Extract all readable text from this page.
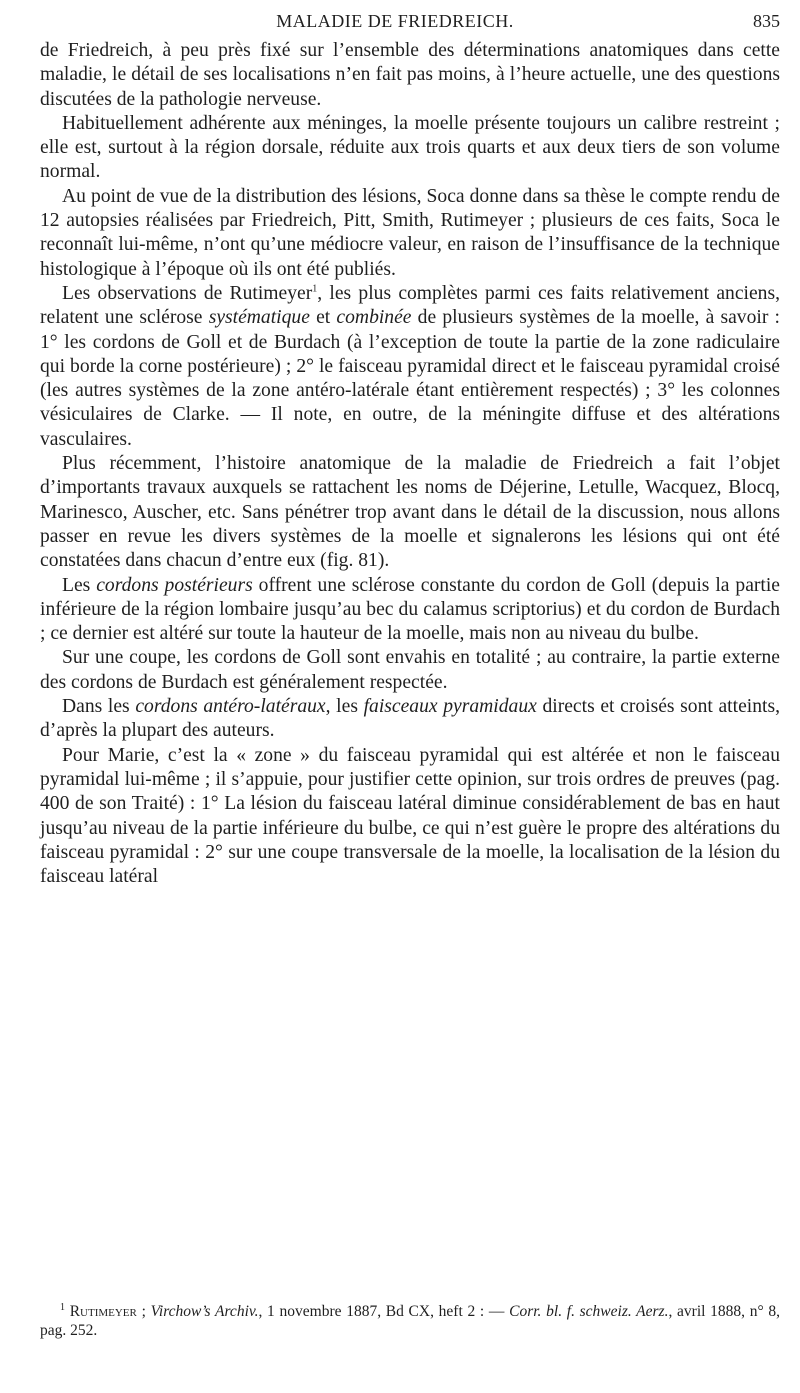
MALADIE DE FRIEDREICH.	835

de Friedreich, à peu près fixé sur l’ensemble des déterminations anatomiques dans cette maladie, le détail de ses localisations n’en fait pas moins, à l’heure actuelle, une des questions discutées de la pathologie nerveuse.

Habituellement adhérente aux méninges, la moelle présente toujours un calibre restreint ; elle est, surtout à la région dorsale, réduite aux trois quarts et aux deux tiers de son volume normal.

Au point de vue de la distribution des lésions, Soca donne dans sa thèse le compte rendu de 12 autopsies réalisées par Friedreich, Pitt, Smith, Rutimeyer ; plusieurs de ces faits, Soca le reconnaît lui-même, n’ont qu’une médiocre valeur, en raison de l’insuffisance de la technique histologique à l’époque où ils ont été publiés.

Les observations de Rutimeyer$^1$, les plus complètes parmi ces faits relativement anciens, relatent une sclérose systématique et combinée de plusieurs systèmes de la moelle, à savoir : 1° les cordons de Goll et de Burdach (à l’exception de toute la partie de la zone radiculaire qui borde la corne postérieure) ; 2° le faisceau pyramidal direct et le faisceau pyramidal croisé (les autres systèmes de la zone antéro-latérale étant entièrement respectés) ; 3° les colonnes vésiculaires de Clarke. — Il note, en outre, de la méningite diffuse et des altérations vasculaires.

Plus récemment, l’histoire anatomique de la maladie de Friedreich a fait l’objet d’importants travaux auxquels se rattachent les noms de Déjerine, Letulle, Wacquez, Blocq, Marinesco, Auscher, etc. Sans pénétrer trop avant dans le détail de la discussion, nous allons passer en revue les divers systèmes de la moelle et signalerons les lésions qui ont été constatées dans chacun d’entre eux (fig. 81).

Les cordons postérieurs offrent une sclérose constante du cordon de Goll (depuis la partie inférieure de la région lombaire jusqu’au bec du calamus scriptorius) et du cordon de Burdach ; ce dernier est altéré sur toute la hauteur de la moelle, mais non au niveau du bulbe.

Sur une coupe, les cordons de Goll sont envahis en totalité ; au contraire, la partie externe des cordons de Burdach est généralement respectée.

Dans les cordons antéro-latéraux, les faisceaux pyramidaux directs et croisés sont atteints, d’après la plupart des auteurs.

Pour Marie, c’est la « zone » du faisceau pyramidal qui est altérée et non le faisceau pyramidal lui-même ; il s’appuie, pour justifier cette opinion, sur trois ordres de preuves (pag. 400 de son Traité) : 1° La lésion du faisceau latéral diminue considérablement de bas en haut jusqu’au niveau de la partie inférieure du bulbe, ce qui n’est guère le propre des altérations du faisceau pyramidal : 2° sur une coupe transversale de la moelle, la localisation de la lésion du faisceau latéral

$^1$ Rutimeyer ; Virchow’s Archiv., 1 novembre 1887, Bd CX, heft 2 : — Corr. bl. f. schweiz. Aerz., avril 1888, n° 8, pag. 252.
